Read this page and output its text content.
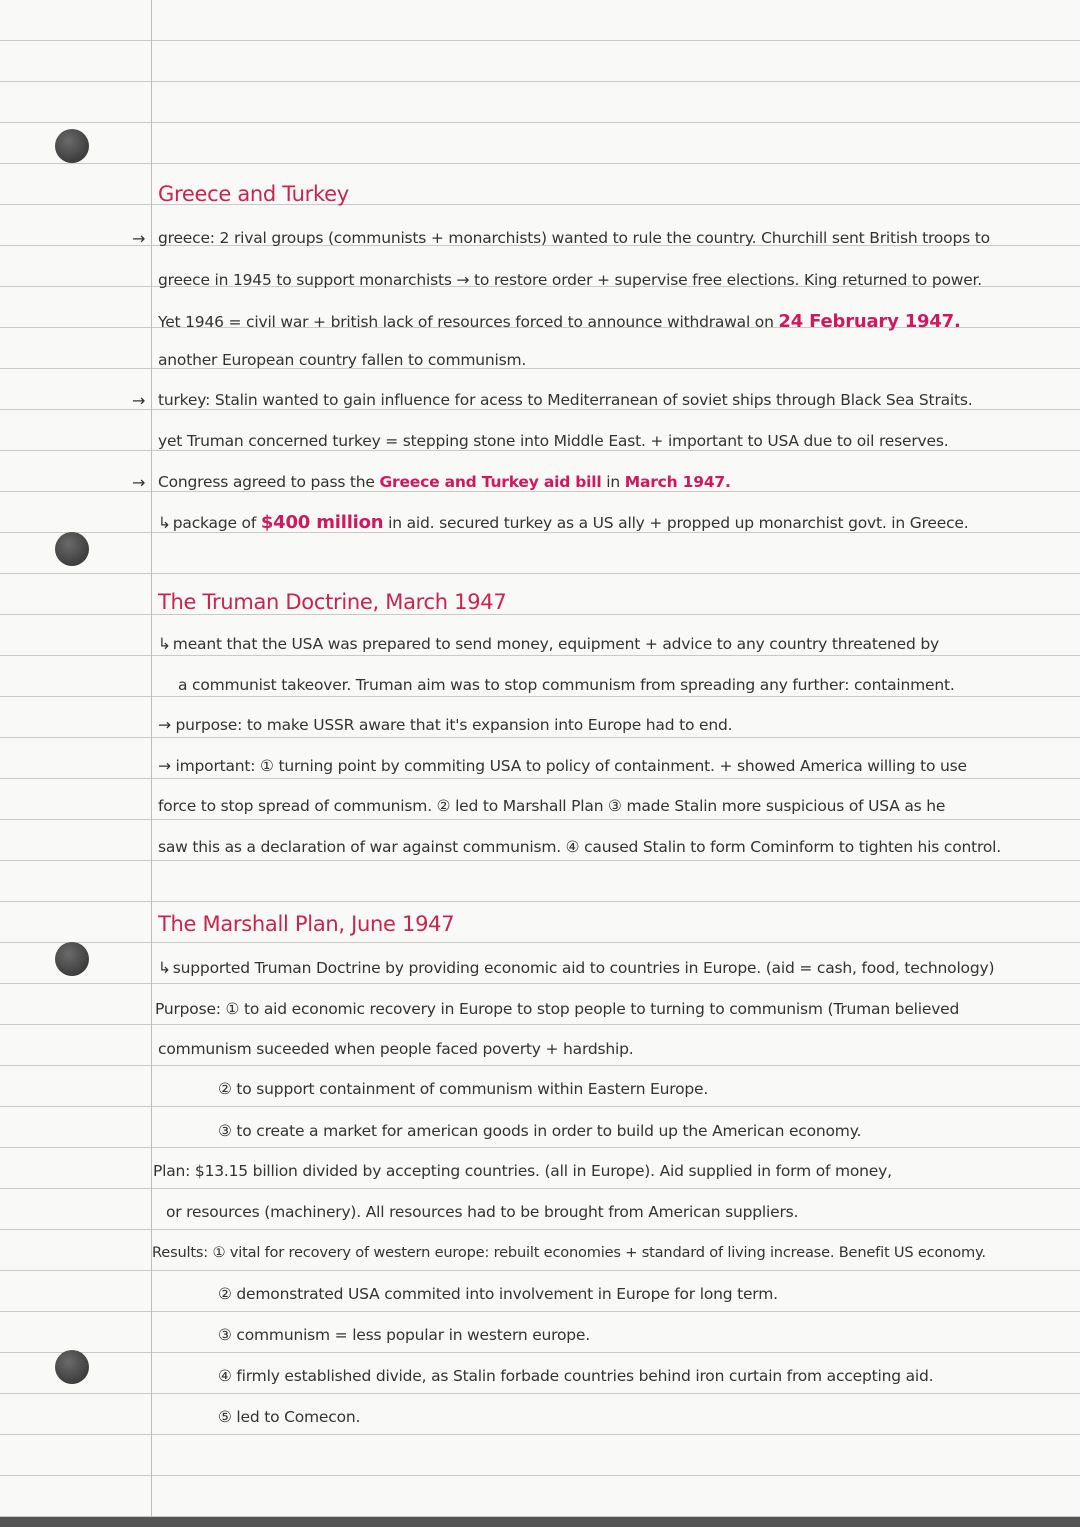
Greece and Turkey
→ greece: 2 rival groups (communists + monarchists) wanted to rule the country. Churchill sent British troops to
greece in 1945 to support monarchists → to restore order + supervise free elections. King returned to power.
Yet 1946 = civil war + british lack of resources forced to announce withdrawal on 24 February 1947.
another European country fallen to communism.
→ turkey: Stalin wanted to gain influence for acess to Mediterranean of soviet ships through Black Sea Straits.
yet Truman concerned turkey = stepping stone into Middle East. + important to USA due to oil reserves.
→ Congress agreed to pass the Greece and Turkey aid bill in March 1947.
↳ package of $400 million in aid. secured turkey as a US ally + propped up monarchist govt. in Greece.
The Truman Doctrine, March 1947
↳ meant that the USA was prepared to send money, equipment + advice to any country threatened by
a communist takeover. Truman aim was to stop communism from spreading any further: containment.
→ purpose: to make USSR aware that it's expansion into Europe had to end.
→ important: ① turning point by commiting USA to policy of containment. + showed America willing to use
force to stop spread of communism. ② led to Marshall Plan ③ made Stalin more suspicious of USA as he
saw this as a declaration of war against communism. ④ caused Stalin to form Cominform to tighten his control.
The Marshall Plan, June 1947
↳ supported Truman Doctrine by providing economic aid to countries in Europe. (aid = cash, food, technology)
Purpose: ① to aid economic recovery in Europe to stop people to turning to communism (Truman believed
communism suceeded when people faced poverty + hardship.
② to support containment of communism within Eastern Europe.
③ to create a market for american goods in order to build up the American economy.
Plan: $13.15 billion divided by accepting countries. (all in Europe). Aid supplied in form of money,
or resources (machinery). All resources had to be brought from American suppliers.
Results: ① vital for recovery of western europe: rebuilt economies + standard of living increase. Benefit US economy.
② demonstrated USA commited into involvement in Europe for long term.
③ communism = less popular in western europe.
④ firmly established divide, as Stalin forbade countries behind iron curtain from accepting aid.
⑤ led to Comecon.
